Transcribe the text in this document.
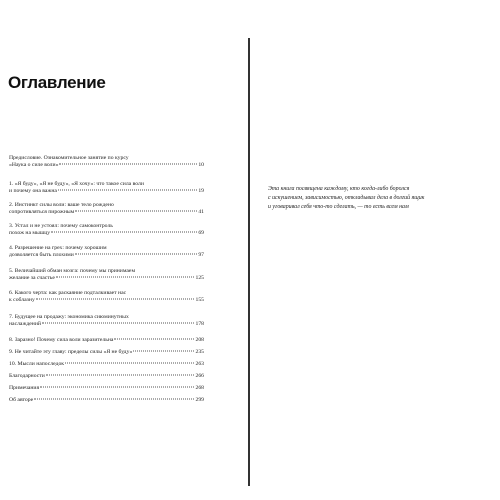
Оглавление
Предисловие. Ознакомительное занятие по курсу
«Наука о силе воли»	10
1. «Я буду», «Я не буду», «Я хочу»: что такое сила воли
и почему она важна	19
2. Инстинкт силы воли: ваше тело рождено
сопротивляться пирожным	41
3. Устал и не устоял: почему самоконтроль
похож на мышцу	69
4. Разрешение на грех: почему хорошим
дозволяется быть плохими	97
5. Величайший обман мозга: почему мы принимаем
желание за счастье	125
6. Какого черта: как раскаяние подталкивает нас
к соблазну	155
7. Будущее на продажу: экономика сиюминутных
наслаждений	178
8. Заразно! Почему сила воли заразительна	208
9. Не читайте эту главу: пределы силы «Я не буду»	235
10. Мысли напоследок	263
Благодарности	266
Примечания	268
Об авторе	299
Эта книга посвящена каждому, кто когда-либо боролся
с искушением, зависимостью, откладывал дела в долгий ящик
и уговаривал себя что-то сделать, — то есть всем нам
